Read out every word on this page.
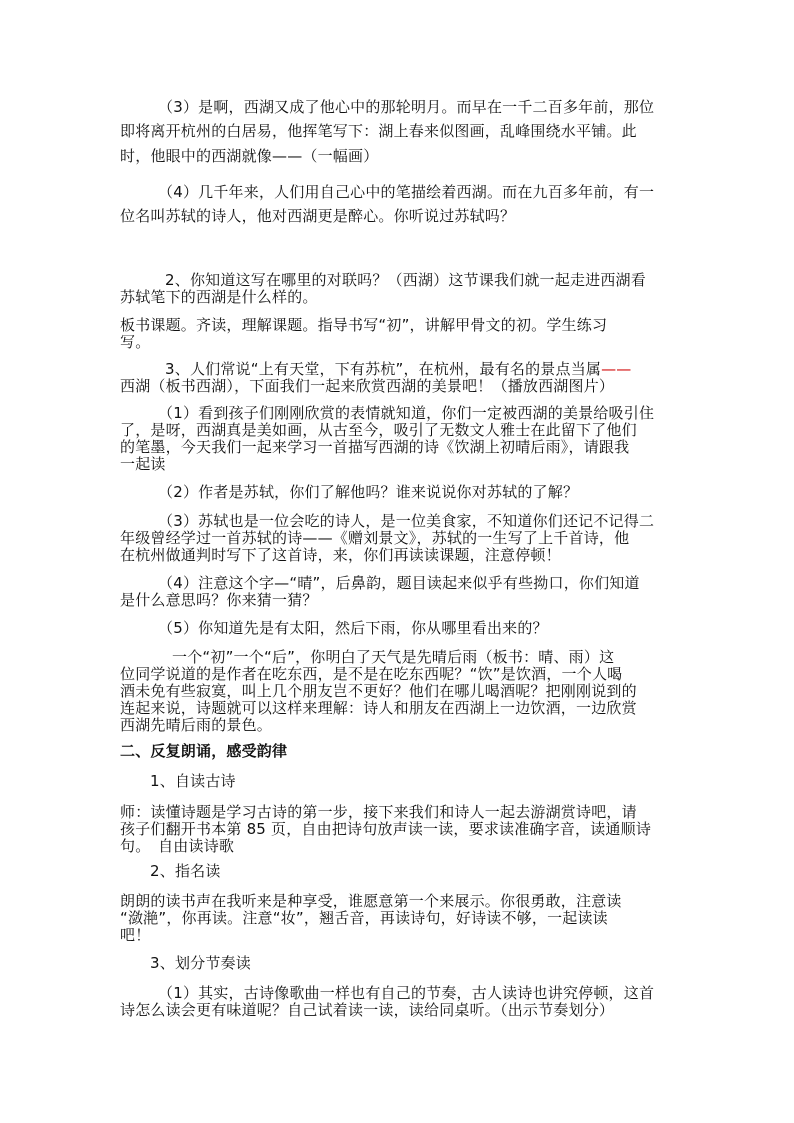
（3）是啊，西湖又成了他心中的那轮明月。而早在一千二百多年前，那位
即将离开杭州的白居易，他挥笔写下：湖上春来似图画，乱峰围绕水平铺。此
时，他眼中的西湖就像——（一幅画）
（4）几千年来，人们用自己心中的笔描绘着西湖。而在九百多年前，有一
位名叫苏轼的诗人，他对西湖更是醉心。你听说过苏轼吗？
2、你知道这写在哪里的对联吗？（西湖）这节课我们就一起走进西湖看
苏轼笔下的西湖是什么样的。
板书课题。齐读，理解课题。指导书写“初”，讲解甲骨文的初。学生练习
写。
3、人们常说“上有天堂，下有苏杭”，在杭州，最有名的景点当属——
西湖（板书西湖），下面我们一起来欣赏西湖的美景吧！（播放西湖图片）
（1）看到孩子们刚刚欣赏的表情就知道，你们一定被西湖的美景给吸引住
了，是呀，西湖真是美如画，从古至今，吸引了无数文人雅士在此留下了他们
的笔墨，今天我们一起来学习一首描写西湖的诗《饮湖上初晴后雨》，请跟我
一起读
（2）作者是苏轼，你们了解他吗？谁来说说你对苏轼的了解？
（3）苏轼也是一位会吃的诗人，是一位美食家，不知道你们还记不记得二
年级曾经学过一首苏轼的诗——《赠刘景文》，苏轼的一生写了上千首诗，他
在杭州做通判时写下了这首诗，来，你们再读读课题，注意停顿！
（4）注意这个字—“晴”，后鼻韵，题目读起来似乎有些拗口，你们知道
是什么意思吗？你来猜一猜？
（5）你知道先是有太阳，然后下雨，你从哪里看出来的？
一个“初”一个“后”，你明白了天气是先晴后雨（板书：晴、雨）这
位同学说道的是作者在吃东西，是不是在吃东西呢？“饮”是饮酒，一个人喝
酒未免有些寂寞，叫上几个朋友岂不更好？他们在哪儿喝酒呢？把刚刚说到的
连起来说，诗题就可以这样来理解：诗人和朋友在西湖上一边饮酒，一边欣赏
西湖先晴后雨的景色。
二、反复朗诵，感受韵律
1、自读古诗
师：读懂诗题是学习古诗的第一步，接下来我们和诗人一起去游湖赏诗吧，请
孩子们翻开书本第 85 页，自由把诗句放声读一读，要求读准确字音，读通顺诗
句。　自由读诗歌
2、指名读
朗朗的读书声在我听来是种享受，谁愿意第一个来展示。你很勇敢，注意读
“潋滟”，你再读。注意“妆”，翘舌音，再读诗句，好诗读不够，一起读读
吧！
3、划分节奏读
（1）其实，古诗像歌曲一样也有自己的节奏，古人读诗也讲究停顿，这首
诗怎么读会更有味道呢？自己试着读一读，读给同桌听。（出示节奏划分）
